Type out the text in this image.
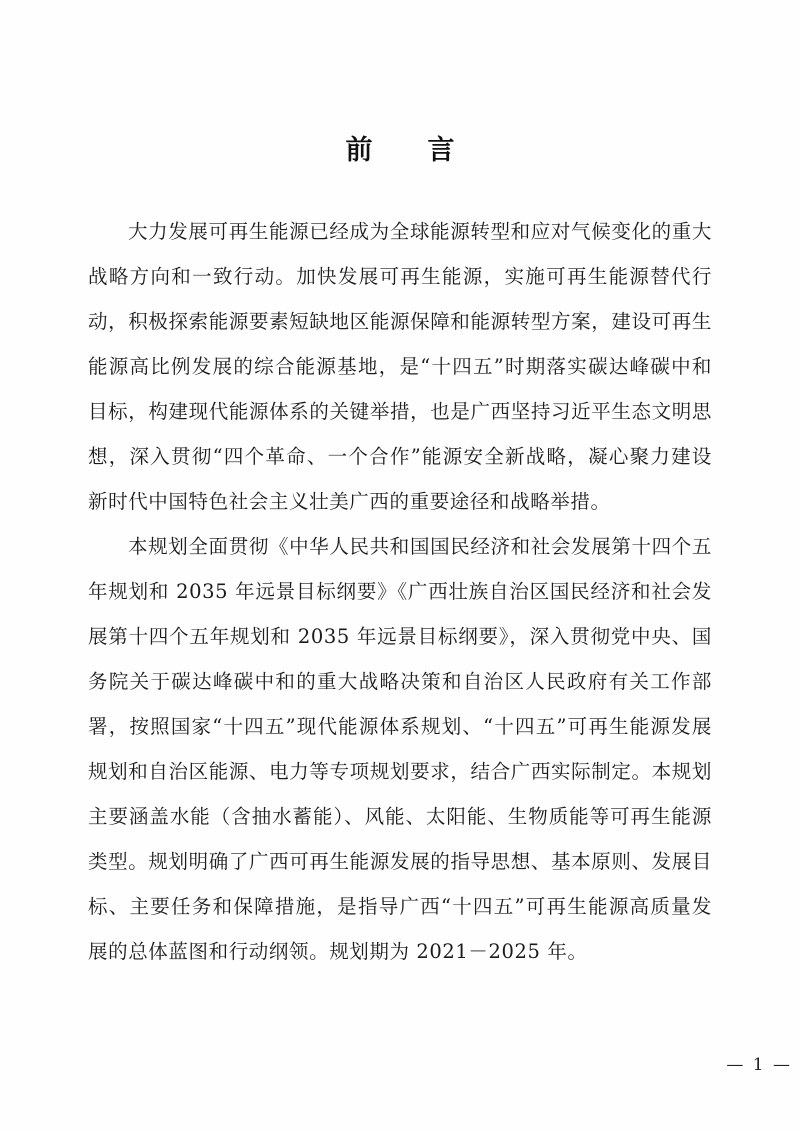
前　言

大力发展可再生能源已经成为全球能源转型和应对气候变化的重大战略方向和一致行动。加快发展可再生能源，实施可再生能源替代行动，积极探索能源要素短缺地区能源保障和能源转型方案，建设可再生能源高比例发展的综合能源基地，是“十四五”时期落实碳达峰碳中和目标，构建现代能源体系的关键举措，也是广西坚持习近平生态文明思想，深入贯彻“四个革命、一个合作”能源安全新战略，凝心聚力建设新时代中国特色社会主义壮美广西的重要途径和战略举措。

本规划全面贯彻《中华人民共和国国民经济和社会发展第十四个五年规划和 2035 年远景目标纲要》《广西壮族自治区国民经济和社会发展第十四个五年规划和 2035 年远景目标纲要》，深入贯彻党中央、国务院关于碳达峰碳中和的重大战略决策和自治区人民政府有关工作部署，按照国家“十四五”现代能源体系规划、“十四五”可再生能源发展规划和自治区能源、电力等专项规划要求，结合广西实际制定。本规划主要涵盖水能（含抽水蓄能）、风能、太阳能、生物质能等可再生能源类型。规划明确了广西可再生能源发展的指导思想、基本原则、发展目标、主要任务和保障措施，是指导广西“十四五”可再生能源高质量发展的总体蓝图和行动纲领。规划期为 2021－2025 年。

— 1 —
